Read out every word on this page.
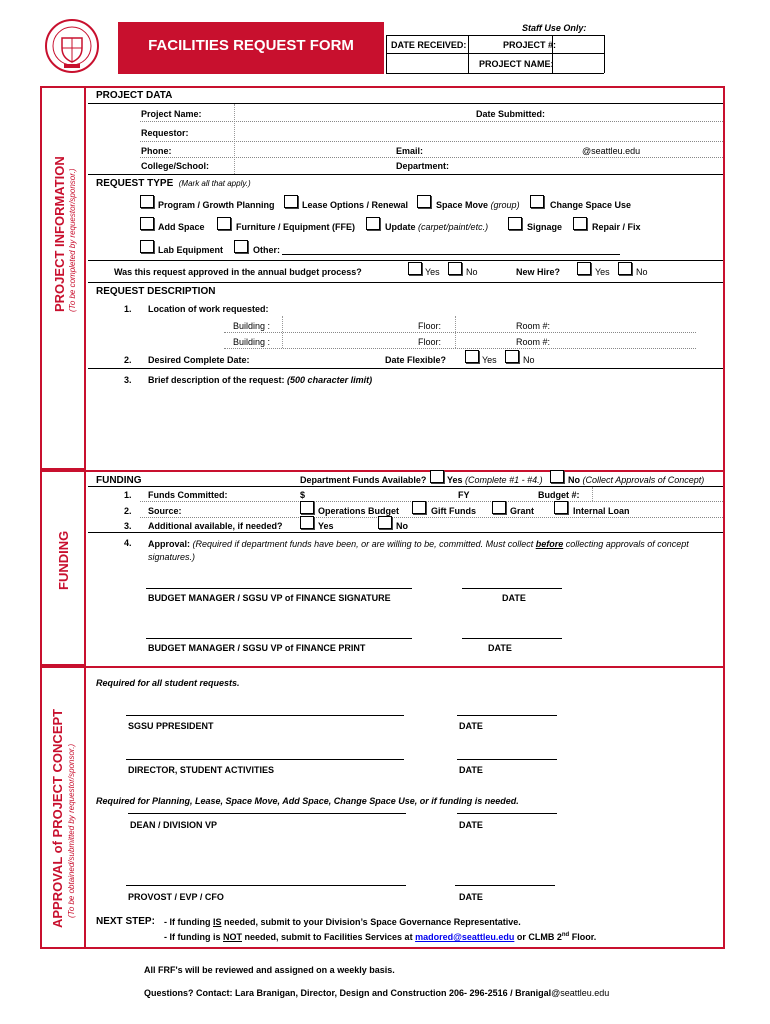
FACILITIES REQUEST FORM
Staff Use Only:
DATE RECEIVED:	PROJECT #:
PROJECT NAME:
PROJECT INFORMATION (To be completed by requestor/sponsor.)
FUNDING
APPROVAL of PROJECT CONCEPT (To be obtained/submitted by requestor/sponsor.)
PROJECT DATA
Project Name:	Date Submitted:
Requestor:
Phone:	Email:	@seattleu.edu
College/School:	Department:
REQUEST TYPE (Mark all that apply.)
Program / Growth Planning	Lease Options / Renewal	Space Move (group)	Change Space Use
Add Space	Furniture / Equipment (FFE)	Update (carpet/paint/etc.)	Signage	Repair / Fix
Lab Equipment	Other:
Was this request approved in the annual budget process?	Yes	No	New Hire?	Yes	No
REQUEST DESCRIPTION
1. Location of work requested:
Building :	Floor:	Room #:
Building :	Floor:	Room #:
2. Desired Complete Date:	Date Flexible?	Yes	No
3. Brief description of the request: (500 character limit)
FUNDING	Department Funds Available? Yes (Complete #1 - #4.)	No (Collect Approvals of Concept)
1. Funds Committed:	$	FY	Budget #:
2. Source:	Operations Budget	Gift Funds	Grant	Internal Loan
3. Additional available, if needed?	Yes	No
4. Approval: (Required if department funds have been, or are willing to be, committed. Must collect before collecting approvals of concept
signatures.)
BUDGET MANAGER / SGSU VP of FINANCE SIGNATURE	DATE
BUDGET MANAGER / SGSU VP of FINANCE PRINT	DATE
Required for all student requests.
SGSU PPRESIDENT	DATE
DIRECTOR, STUDENT ACTIVITIES	DATE
Required for Planning, Lease, Space Move, Add Space, Change Space Use, or if funding is needed.
DEAN / DIVISION VP	DATE
PROVOST / EVP / CFO	DATE
NEXT STEP: - If funding IS needed, submit to your Division’s Space Governance Representative.
- If funding is NOT needed, submit to Facilities Services at madored@seattleu.edu or CLMB 2nd Floor.
All FRF's will be reviewed and assigned on a weekly basis.
Questions? Contact: Lara Branigan, Director, Design and Construction 206- 296-2516 / Branigal@seattleu.edu
